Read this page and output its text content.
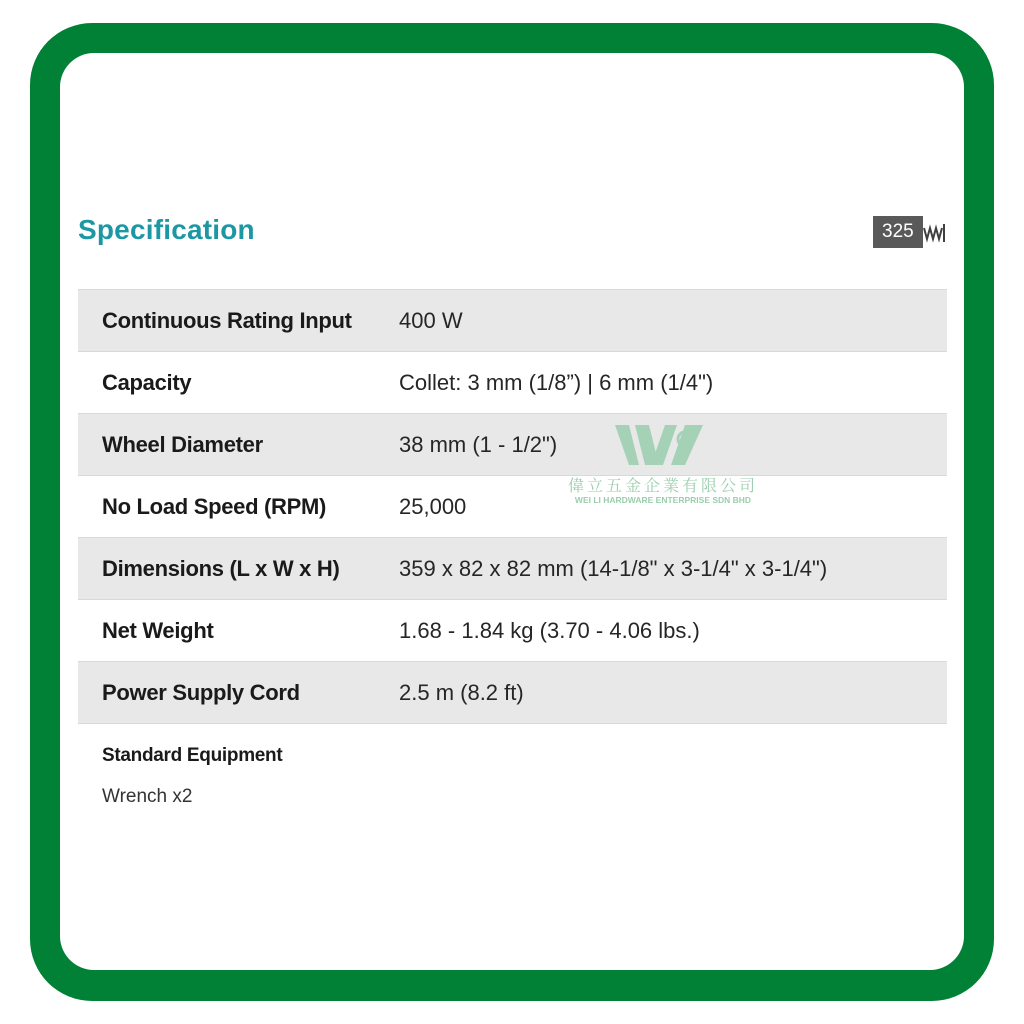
Specification	325
Continuous Rating Input	400 W
Capacity	Collet: 3 mm (1/8”) | 6 mm (1/4")
Wheel Diameter	38 mm (1 - 1/2")
No Load Speed (RPM)	25,000
Dimensions (L x W x H)	359 x 82 x 82 mm (14-1/8" x 3-1/4" x 3-1/4")
Net Weight	1.68 - 1.84 kg (3.70 - 4.06 lbs.)
Power Supply Cord	2.5 m (8.2 ft)
Standard Equipment
Wrench x2
偉立五金企業有限公司
WEI LI HARDWARE ENTERPRISE SDN BHD
